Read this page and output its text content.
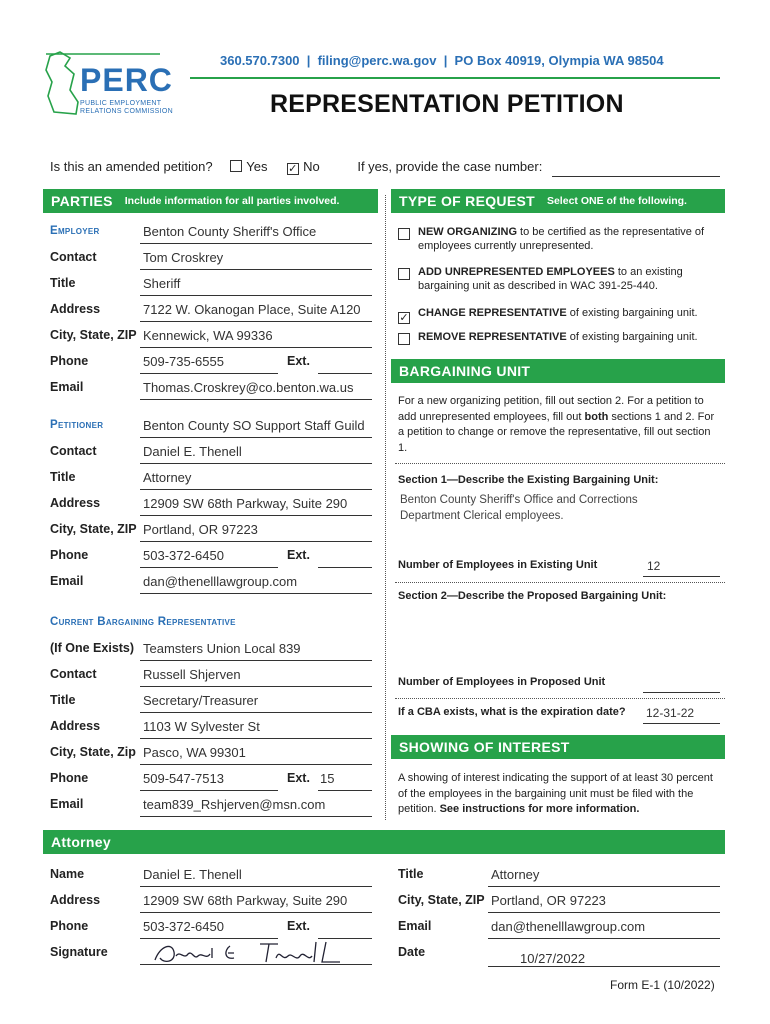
PERC
PUBLIC EMPLOYMENT
RELATIONS COMMISSION
360.570.7300  |  filing@perc.wa.gov  |  PO Box 40919, Olympia WA 98504
REPRESENTATION PETITION
Is this an amended petition?	Yes ✓ No	If yes, provide the case number:
PARTIES Include information for all parties involved.	TYPE OF REQUEST Select ONE of the following.
Employer	Benton County Sheriff's Office
Contact	Tom Croskrey
Title	Sheriff
Address	7122 W. Okanogan Place, Suite A120
City, State, ZIP Kennewick, WA 99336
Phone	509-735-6555	Ext.
Email	Thomas.Croskrey@co.benton.wa.us
Petitioner	Benton County SO Support Staff Guild
Contact	Daniel E. Thenell
Title	Attorney
Address	12909 SW 68th Parkway, Suite 290
City, State, ZIP Portland, OR 97223
Phone	503-372-6450	Ext.
Email	dan@thenelllawgroup.com
Current Bargaining Representative
(If One Exists) Teamsters Union Local 839
Contact	Russell Shjerven
Title	Secretary/Treasurer
Address	1103 W Sylvester St
City, State, Zip Pasco, WA 99301
Phone	509-547-7513	Ext. 15
Email	team839_Rshjerven@msn.com
NEW ORGANIZING to be certified as the representative of employees currently unrepresented.
ADD UNREPRESENTED EMPLOYEES to an existing bargaining unit as described in WAC 391-25-440.
✓ CHANGE REPRESENTATIVE of existing bargaining unit.
REMOVE REPRESENTATIVE of existing bargaining unit.
BARGAINING UNIT
For a new organizing petition, fill out section 2. For a petition to add unrepresented employees, fill out both sections 1 and 2. For a petition to change or remove the representative, fill out section 1.
Section 1—Describe the Existing Bargaining Unit:
Benton County Sheriff's Office and Corrections Department Clerical employees.
Number of Employees in Existing Unit	12
Section 2—Describe the Proposed Bargaining Unit:
Number of Employees in Proposed Unit
If a CBA exists, what is the expiration date? 12-31-22
SHOWING OF INTEREST
A showing of interest indicating the support of at least 30 percent of the employees in the bargaining unit must be filed with the petition. See instructions for more information.
Attorney
Name	Daniel E. Thenell
Address	12909 SW 68th Parkway, Suite 290
Phone	503-372-6450	Ext.
Signature
Title	Attorney
City, State, ZIP Portland, OR 97223
Email	dan@thenelllawgroup.com
Date	10/27/2022
Form E-1 (10/2022)
